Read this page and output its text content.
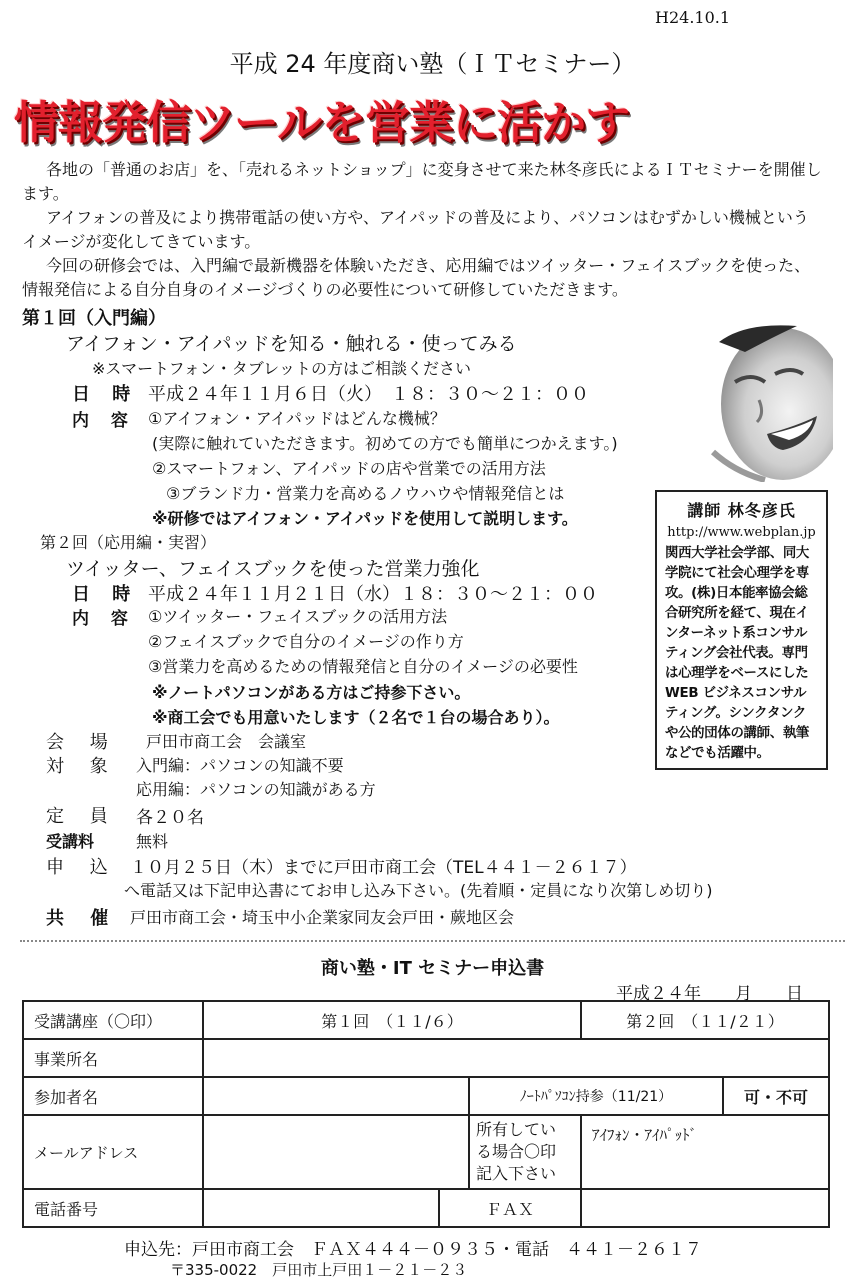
H24.10.1
平成 24 年度商い塾（ＩＴセミナー）
情報発信ツールを営業に活かす

各地の「普通のお店」を、「売れるネットショップ」に変身させて来た林冬彦氏によるＩＴセミナーを開催します。

アイフォンの普及により携帯電話の使い方や、アイパッドの普及により、パソコンはむずかしい機械というイメージが変化してきています。

今回の研修会では、入門編で最新機器を体験いただき、応用編ではツイッター・フェイスブックを使った、情報発信による自分自身のイメージづくりの必要性について研修していただきます。

第１回（入門編）
アイフォン・アイパッドを知る・触れる・使ってみる
※スマートフォン・タブレットの方はご相談ください
日 時 平成２４年１１月６日（火）　１８：３０〜２１：００
内 容 ①アイフォン・アイパッドはどんな機械？
(実際に触れていただきます。初めての方でも簡単につかえます。)
②スマートフォン、アイパッドの店や営業での活用方法
③ブランド力・営業力を高めるノウハウや情報発信とは
※研修ではアイフォン・アイパッドを使用して説明します。
第２回（応用編・実習）
ツイッター、フェイスブックを使った営業力強化
日 時 平成２４年１１月２１日（水）１８：３０〜２１：００
内 容 ①ツイッター・フェイスブックの活用方法
②フェイスブックで自分のイメージの作り方
③営業力を高めるための情報発信と自分のイメージの必要性
※ノートパソコンがある方はご持参下さい。
※商工会でも用意いたします（２名で１台の場合あり）。
会 場 戸田市商工会　会議室
対 象 入門編：パソコンの知識不要
応用編：パソコンの知識がある方
定 員 各２０名
受講料	無料
申 込 １０月２５日（木）までに戸田市商工会（TEL４４１－２６１７）
へ電話又は下記申込書にてお申し込み下さい。(先着順・定員になり次第しめ切り)
共 催 戸田市商工会・埼玉中小企業家同友会戸田・蕨地区会
講師 林冬彦氏
http://www.webplan.jp
関西大学社会学部、同大学院にて社会心理学を専攻。(株)日本能率協会総合研究所を経て、現在インターネット系コンサルティング会社代表。専門は心理学をベースにした WEB ビジネスコンサルティング。シンクタンクや公的団体の講師、執筆などでも活躍中。
商い塾・IT セミナー申込書
平成２４年　　月　　日
受講講座（〇印）	第１回　（１１/６）			第２回　（１１/２１）	
事業所名					
参加者名			ﾉｰﾄﾊﾟｿｺﾝ持参（11/21）		可・不可
メールアドレス			所有してい
る場合〇印
記入下さい	ｱｲﾌｫﾝ・ｱｲﾊﾟｯﾄﾞ	
電話番号		ＦＡＸ			
申込先：戸田市商工会　ＦＡＸ４４４－０９３５・電話　４４１－２６１７
〒335-0022　戸田市上戸田１－２１－２３
